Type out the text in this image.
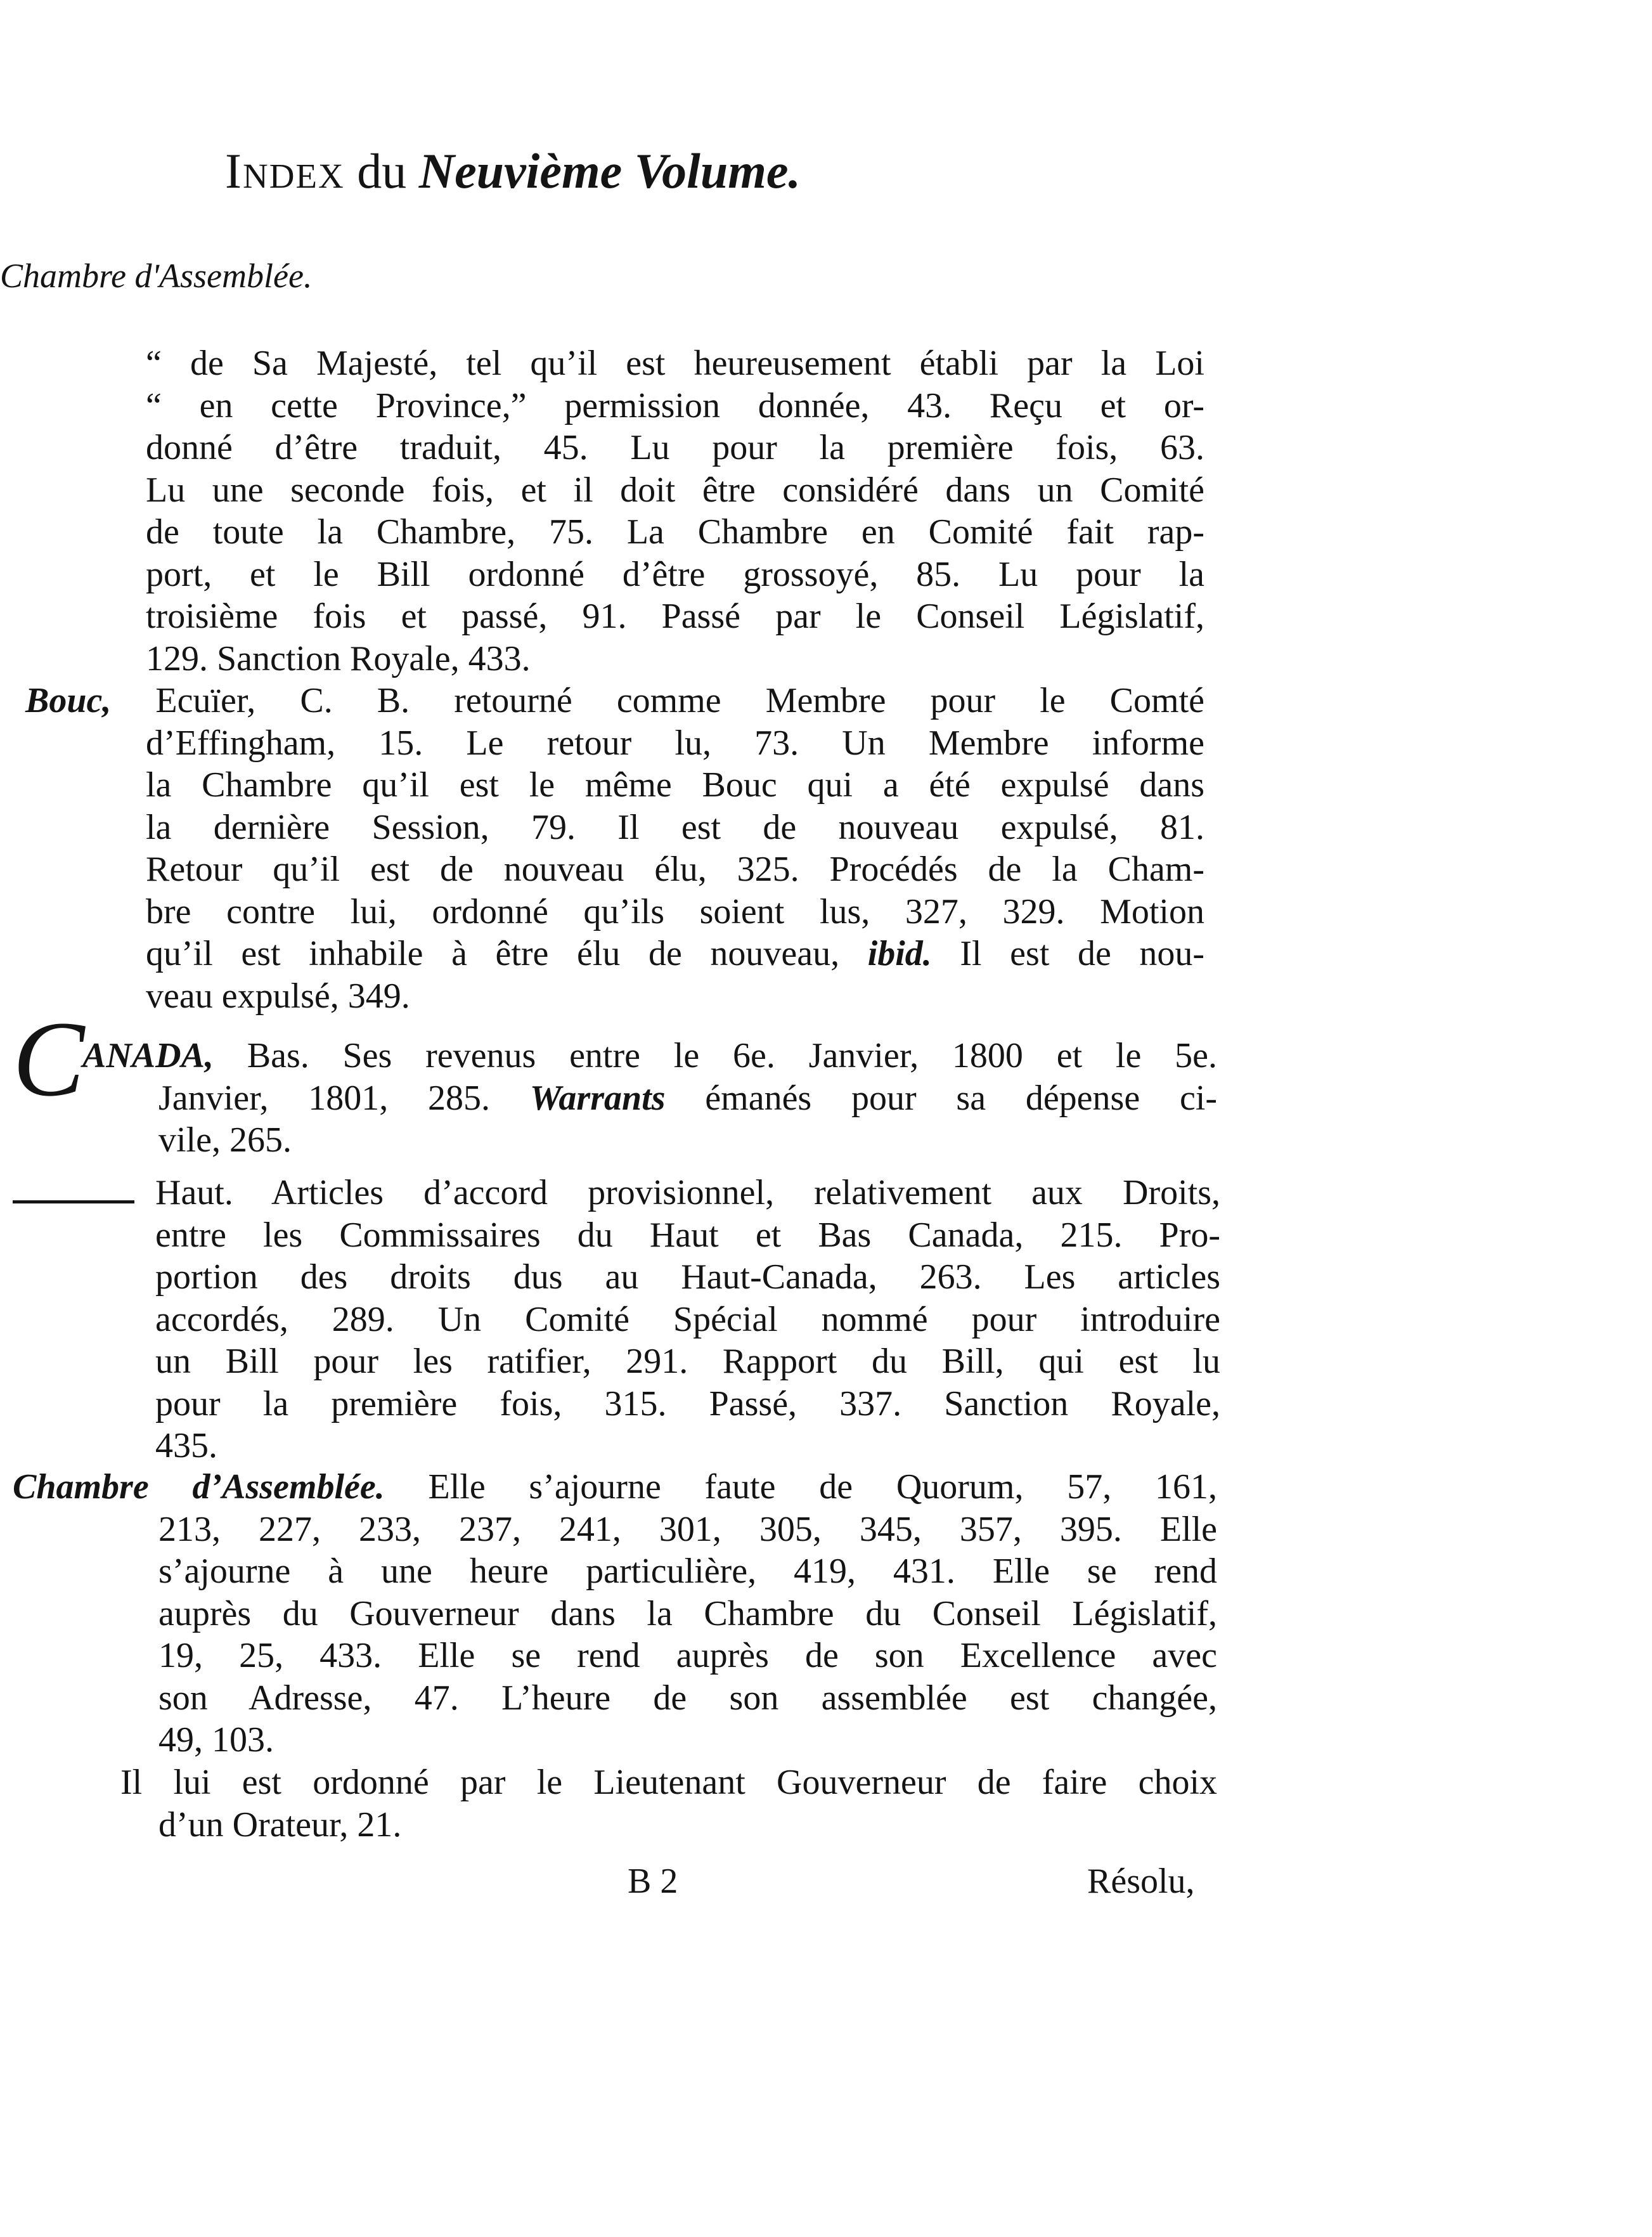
Index du Neuvième Volume.
Chambre d'Assemblée.
“ de Sa Majesté, tel qu’il est heureusement établi par la Loi
“ en cette Province,” permission donnée, 43. Reçu et or-
donné d’être traduit, 45. Lu pour la première fois, 63.
Lu une seconde fois, et il doit être considéré dans un Comité
de toute la Chambre, 75. La Chambre en Comité fait rap-
port, et le Bill ordonné d’être grossoyé, 85. Lu pour la
troisième fois et passé, 91. Passé par le Conseil Législatif,
129. Sanction Royale, 433.
Bouc, Ecuïer, C. B. retourné comme Membre pour le Comté
d’Effingham, 15. Le retour lu, 73. Un Membre informe
la Chambre qu’il est le même Bouc qui a été expulsé dans
la dernière Session, 79. Il est de nouveau expulsé, 81.
Retour qu’il est de nouveau élu, 325. Procédés de la Cham-
bre contre lui, ordonné qu’ils soient lus, 327, 329. Motion
qu’il est inhabile à être élu de nouveau, ibid. Il est de nou-
veau expulsé, 349.
C
ANADA, Bas. Ses revenus entre le 6e. Janvier, 1800 et le 5e.
Janvier, 1801, 285. Warrants émanés pour sa dépense ci-
vile, 265.
Haut. Articles d’accord provisionnel, relativement aux Droits,
entre les Commissaires du Haut et Bas Canada, 215. Pro-
portion des droits dus au Haut-Canada, 263. Les articles
accordés, 289. Un Comité Spécial nommé pour introduire
un Bill pour les ratifier, 291. Rapport du Bill, qui est lu
pour la première fois, 315. Passé, 337. Sanction Royale,
435.
Chambre d’Assemblée. Elle s’ajourne faute de Quorum, 57, 161,
213, 227, 233, 237, 241, 301, 305, 345, 357, 395. Elle
s’ajourne à une heure particulière, 419, 431. Elle se rend
auprès du Gouverneur dans la Chambre du Conseil Législatif,
19, 25, 433. Elle se rend auprès de son Excellence avec
son Adresse, 47. L’heure de son assemblée est changée,
49, 103.
Il lui est ordonné par le Lieutenant Gouverneur de faire choix
d’un Orateur, 21.
B 2	Résolu,
